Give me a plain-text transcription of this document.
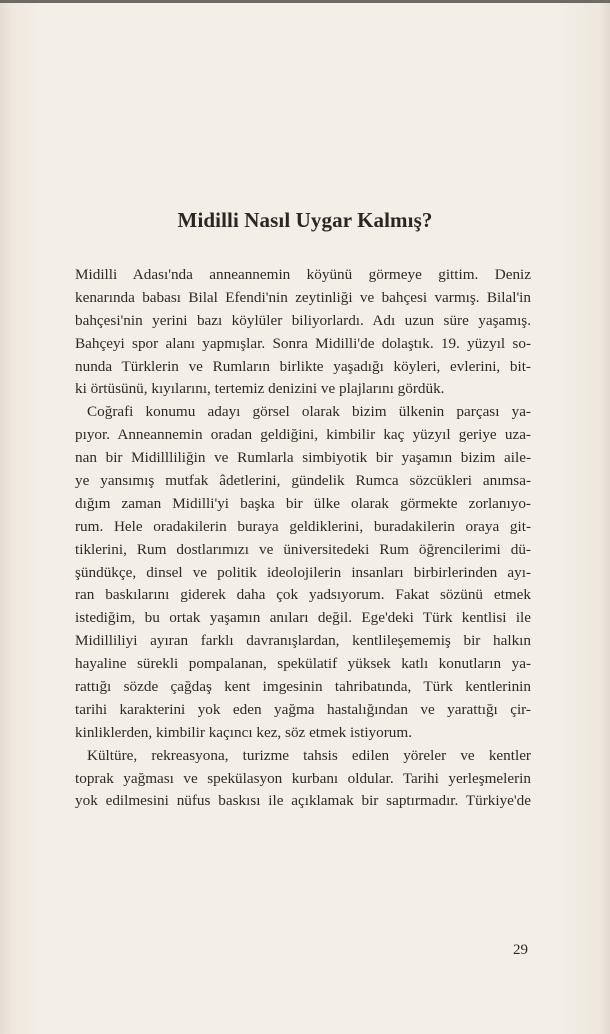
Midilli Nasıl Uygar Kalmış?
Midilli Adası'nda anneannemin köyünü görmeye gittim. Deniz
kenarında babası Bilal Efendi'nin zeytinliği ve bahçesi varmış. Bilal'in
bahçesi'nin yerini bazı köylüler biliyorlardı. Adı uzun süre yaşamış.
Bahçeyi spor alanı yapmışlar. Sonra Midilli'de dolaştık. 19. yüzyıl so-
nunda Türklerin ve Rumların birlikte yaşadığı köyleri, evlerini, bit-
ki örtüsünü, kıyılarını, tertemiz denizini ve plajlarını gördük.
Coğrafi konumu adayı görsel olarak bizim ülkenin parçası ya-
pıyor. Anneannemin oradan geldiğini, kimbilir kaç yüzyıl geriye uza-
nan bir Midillliliğin ve Rumlarla simbiyotik bir yaşamın bizim aile-
ye yansımış mutfak âdetlerini, gündelik Rumca sözcükleri anımsa-
dığım zaman Midilli'yi başka bir ülke olarak görmekte zorlanıyo-
rum. Hele oradakilerin buraya geldiklerini, buradakilerin oraya git-
tiklerini, Rum dostlarımızı ve üniversitedeki Rum öğrencilerimi dü-
şündükçe, dinsel ve politik ideolojilerin insanları birbirlerinden ayı-
ran baskılarını giderek daha çok yadsıyorum. Fakat sözünü etmek
istediğim, bu ortak yaşamın anıları değil. Ege'deki Türk kentlisi ile
Midilliliyi ayıran farklı davranışlardan, kentlileşememiş bir halkın
hayaline sürekli pompalanan, spekülatif yüksek katlı konutların ya-
rattığı sözde çağdaş kent imgesinin tahribatında, Türk kentlerinin
tarihi karakterini yok eden yağma hastalığından ve yarattığı çir-
kinliklerden, kimbilir kaçıncı kez, söz etmek istiyorum.
Kültüre, rekreasyona, turizme tahsis edilen yöreler ve kentler
toprak yağması ve spekülasyon kurbanı oldular. Tarihi yerleşmelerin
yok edilmesini nüfus baskısı ile açıklamak bir saptırmadır. Türkiye'de
29
